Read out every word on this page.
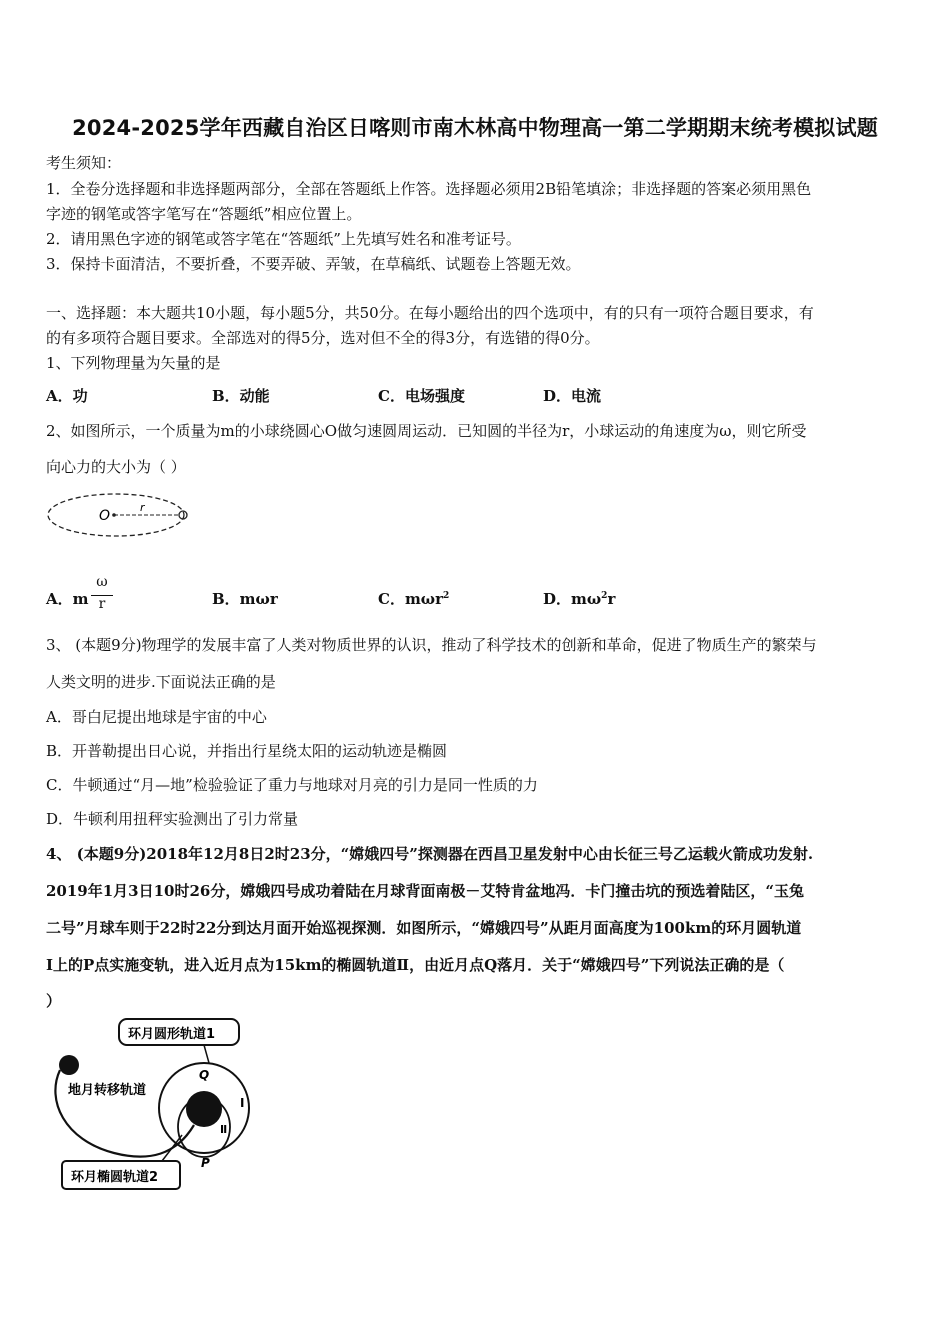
2024-2025学年西藏自治区日喀则市南木林高中物理高一第二学期期末统考模拟试题
考生须知：
1．全卷分选择题和非选择题两部分，全部在答题纸上作答。选择题必须用2B铅笔填涂；非选择题的答案必须用黑色
字迹的钢笔或答字笔写在“答题纸”相应位置上。
2．请用黑色字迹的钢笔或答字笔在“答题纸”上先填写姓名和准考证号。
3．保持卡面清洁，不要折叠，不要弄破、弄皱，在草稿纸、试题卷上答题无效。
一、选择题：本大题共10小题，每小题5分，共50分。在每小题给出的四个选项中，有的只有一项符合题目要求，有
的有多项符合题目要求。全部选对的得5分，选对但不全的得3分，有选错的得0分。
1、下列物理量为矢量的是
A．功	B．动能	C．电场强度	D．电流
2、如图所示，一个质量为m的小球绕圆心O做匀速圆周运动．已知圆的半径为r，小球运动的角速度为ω，则它所受
向心力的大小为（ ）
O
r
A．m
ω
r	B．mωr	C．mωr$^2$	D．$m\omega^2r$
3、 (本题9分)物理学的发展丰富了人类对物质世界的认识，推动了科学技术的创新和革命，促进了物质生产的繁荣与
人类文明的进步.下面说法正确的是
A．哥白尼提出地球是宇宙的中心
B．开普勒提出日心说，并指出行星绕太阳的运动轨迹是椭圆
C．牛顿通过“月—地”检验验证了重力与地球对月亮的引力是同一性质的力
D．牛顿利用扭秤实验测出了引力常量
4、 (本题9分)2018年12月8日2时23分，“嫦娥四号”探测器在西昌卫星发射中心由长征三号乙运载火箭成功发射.
2019年1月3日10时26分，嫦娥四号成功着陆在月球背面南极－艾特肯盆地冯．卡门撞击坑的预选着陆区，“玉兔
二号”月球车则于22时22分到达月面开始巡视探测．如图所示，“嫦娥四号”从距月面高度为100km的环月圆轨道
Ⅰ上的P点实施变轨，进入近月点为15km的椭圆轨道Ⅱ，由近月点Q落月．关于“嫦娥四号”下列说法正确的是（
）
环月圆形轨道1
地月转移轨道
环月椭圆轨道2
Q
I
Ⅱ
P
